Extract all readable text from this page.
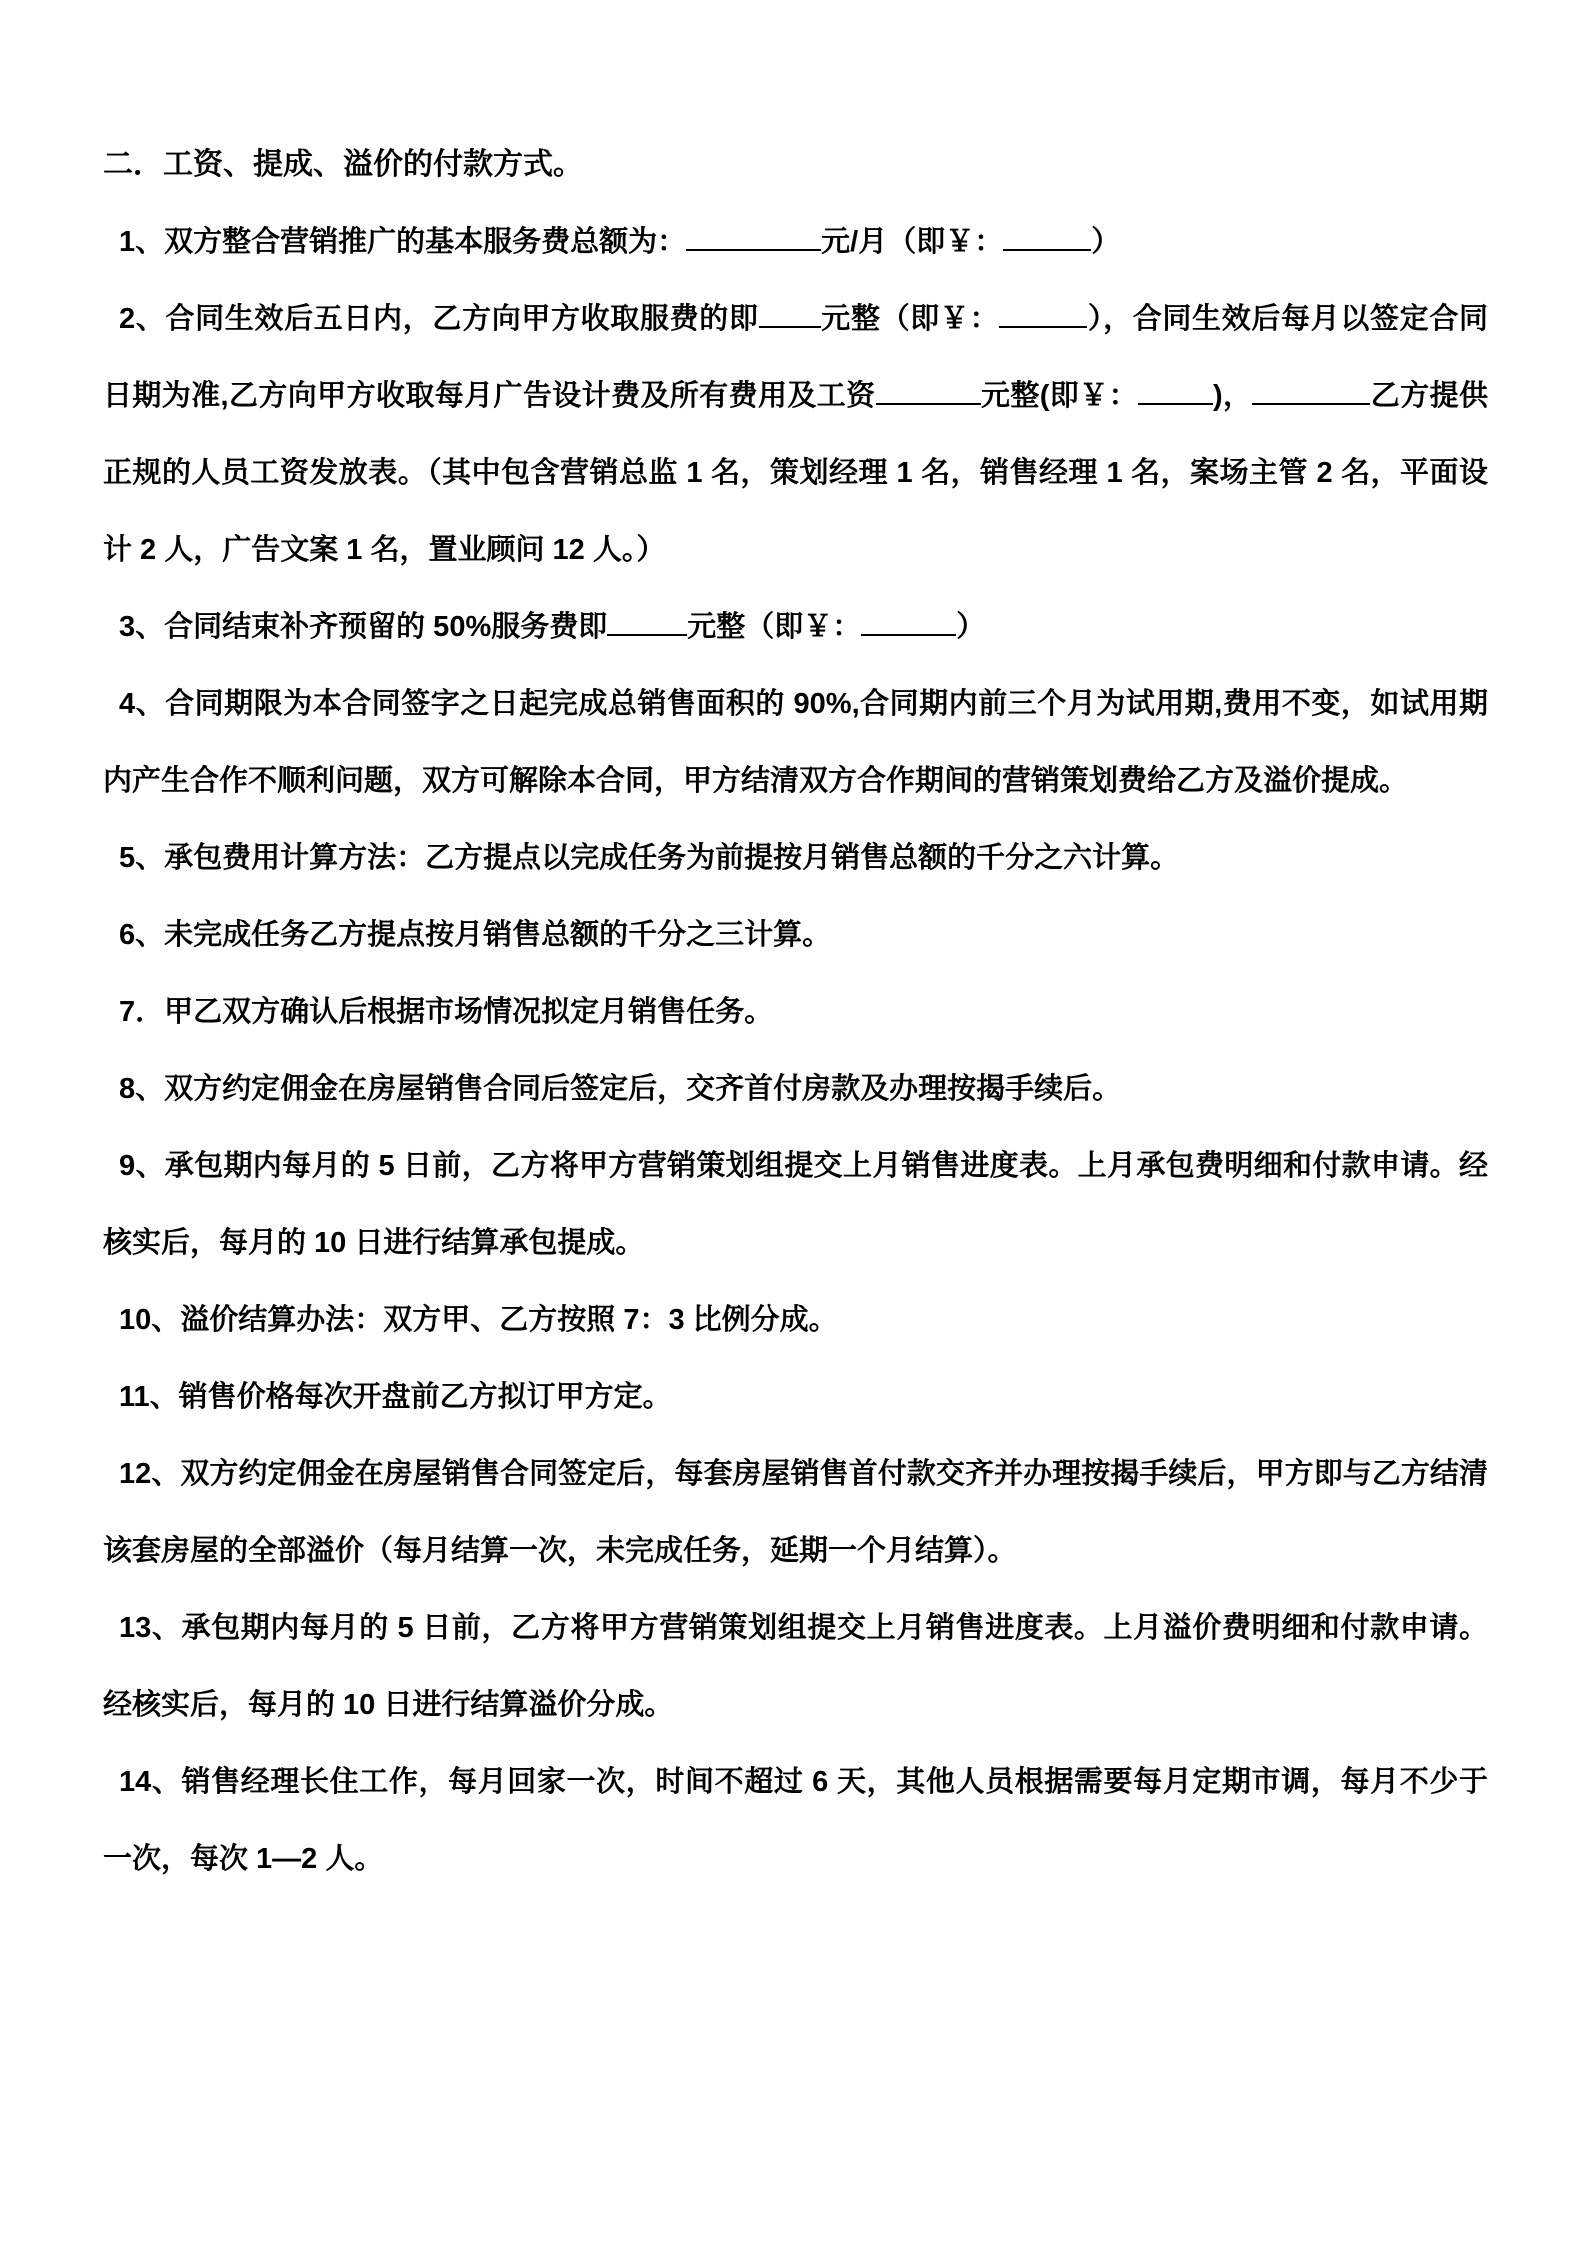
二．工资、提成、溢价的付款方式。

1、双方整合营销推广的基本服务费总额为：	元/月（即￥：	）

2、合同生效后五日内，乙方向甲方收取服费的即 元整（即￥：	），合同生效后每月以签定合同日期为准,乙方向甲方收取每月广告设计费及所有费用及工资	元整(即￥：	)，	乙方提供正规的人员工资发放表。（其中包含营销总监 1 名，策划经理 1 名，销售经理 1 名，案场主管 2 名，平面设计 2 人，广告文案 1 名，置业顾问 12 人。）

3、合同结束补齐预留的 50%服务费即	元整（即￥：	）

4、合同期限为本合同签字之日起完成总销售面积的 90%,合同期内前三个月为试用期,费用不变，如试用期内产生合作不顺利问题，双方可解除本合同，甲方结清双方合作期间的营销策划费给乙方及溢价提成。

5、承包费用计算方法：乙方提点以完成任务为前提按月销售总额的千分之六计算。

6、未完成任务乙方提点按月销售总额的千分之三计算。

7．甲乙双方确认后根据市场情况拟定月销售任务。

8、双方约定佣金在房屋销售合同后签定后，交齐首付房款及办理按揭手续后。

9、承包期内每月的 5 日前，乙方将甲方营销策划组提交上月销售进度表。上月承包费明细和付款申请。经核实后，每月的 10 日进行结算承包提成。

10、溢价结算办法：双方甲、乙方按照 7：3 比例分成。

11、销售价格每次开盘前乙方拟订甲方定。

12、双方约定佣金在房屋销售合同签定后，每套房屋销售首付款交齐并办理按揭手续后，甲方即与乙方结清该套房屋的全部溢价（每月结算一次，未完成任务，延期一个月结算）。

13、承包期内每月的 5 日前，乙方将甲方营销策划组提交上月销售进度表。上月溢价费明细和付款申请。经核实后，每月的 10 日进行结算溢价分成。

14、销售经理长住工作，每月回家一次，时间不超过 6 天，其他人员根据需要每月定期市调，每月不少于一次，每次 1—2 人。
